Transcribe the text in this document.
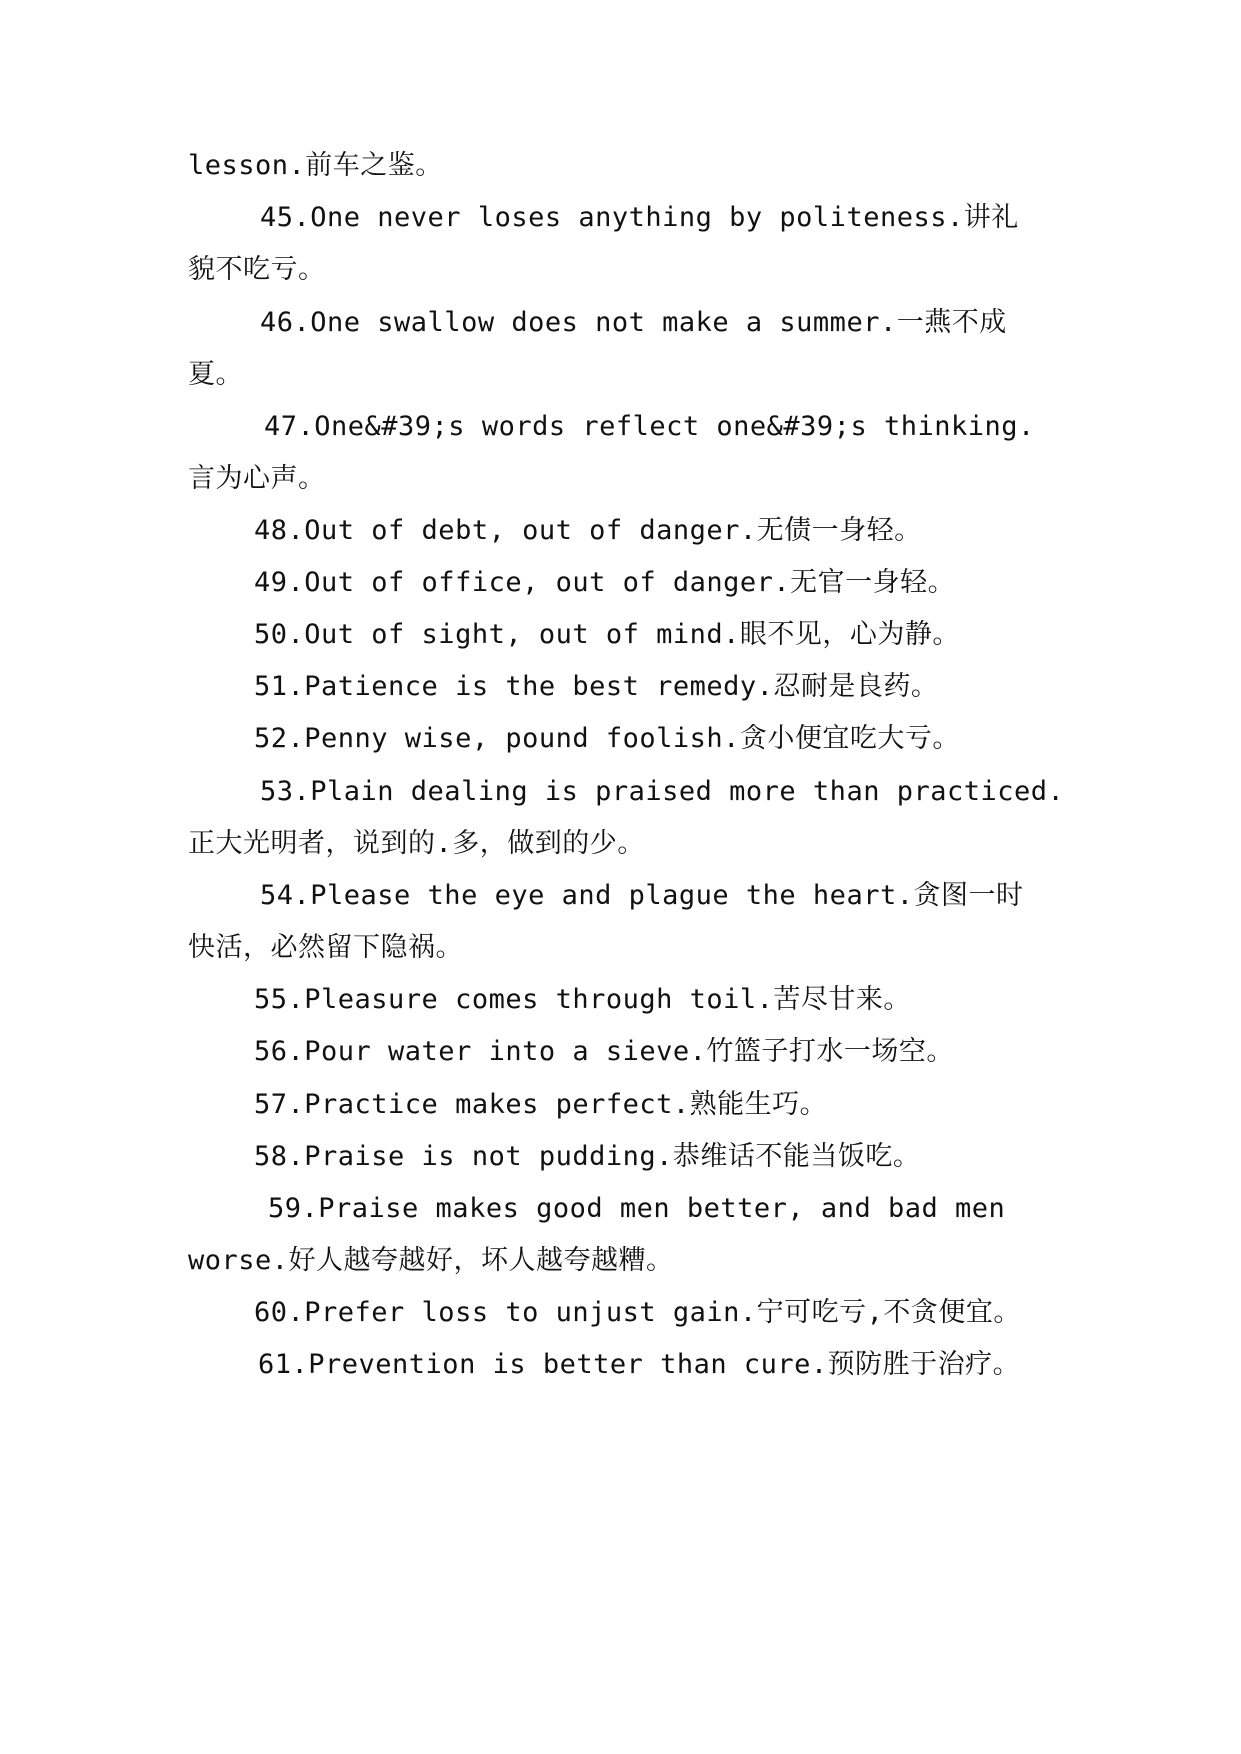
lesson.前车之鉴。
45.One never loses anything by politeness.讲礼
貌不吃亏。
46.One swallow does not make a summer.一燕不成
夏。
47.One&#39;s words reflect one&#39;s thinking.
言为心声。
48.Out of debt, out of danger.无债一身轻。
49.Out of office, out of danger.无官一身轻。
50.Out of sight, out of mind.眼不见，心为静。
51.Patience is the best remedy.忍耐是良药。
52.Penny wise, pound foolish.贪小便宜吃大亏。
53.Plain dealing is praised more than practiced.
正大光明者，说到的.多，做到的少。
54.Please the eye and plague the heart.贪图一时
快活，必然留下隐祸。
55.Pleasure comes through toil.苦尽甘来。
56.Pour water into a sieve.竹篮子打水一场空。
57.Practice makes perfect.熟能生巧。
58.Praise is not pudding.恭维话不能当饭吃。
59.Praise makes good men better, and bad men
worse.好人越夸越好，坏人越夸越糟。
60.Prefer loss to unjust gain.宁可吃亏,不贪便宜。
61.Prevention is better than cure.预防胜于治疗。
